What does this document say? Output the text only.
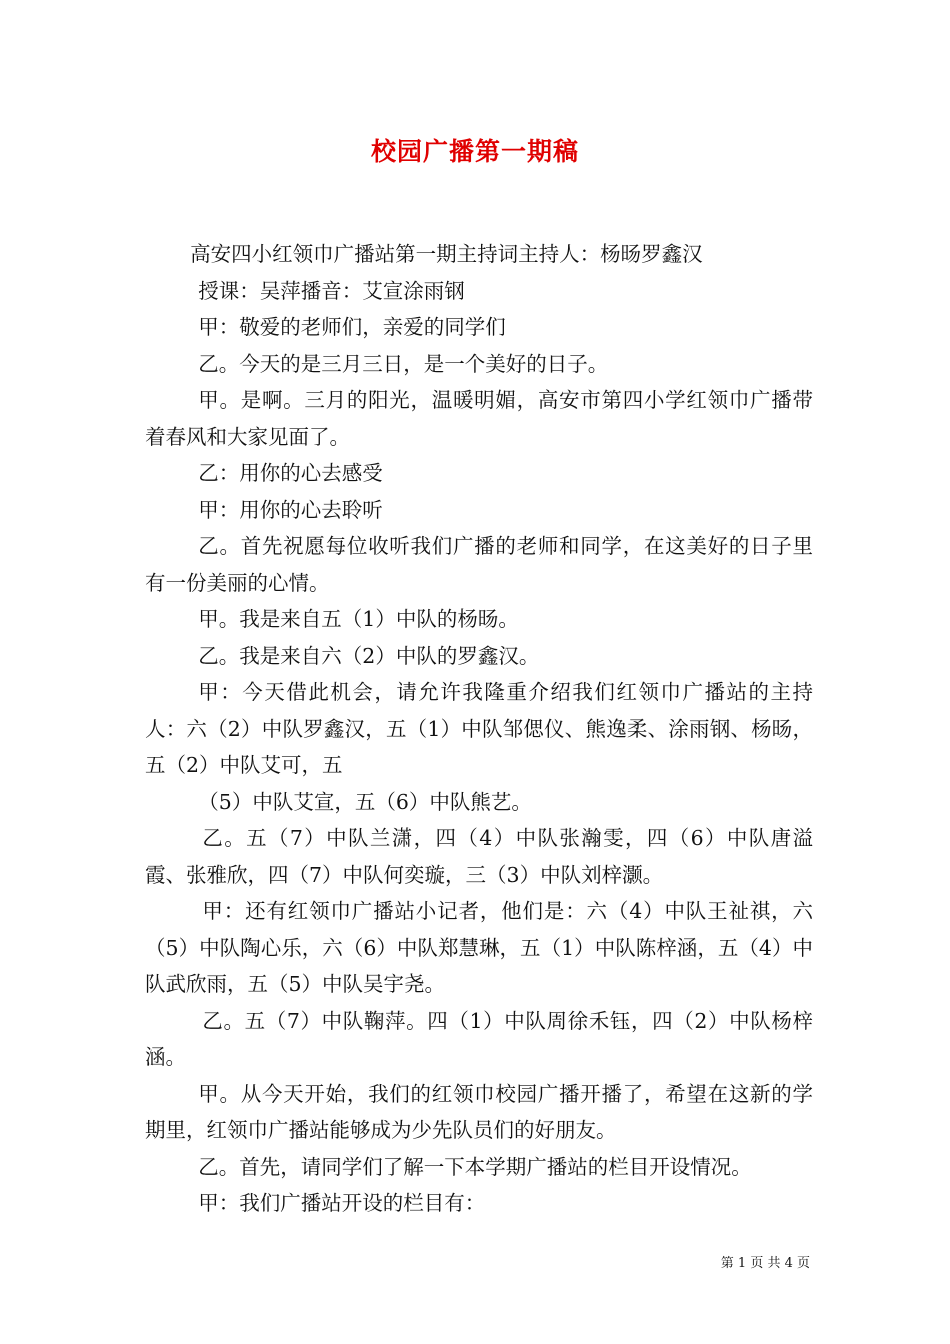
校园广播第一期稿

高安四小红领巾广播站第一期主持词主持人：杨旸罗鑫汉

授课：吴萍播音：艾宣涂雨钢

甲：敬爱的老师们，亲爱的同学们

乙。今天的是三月三日，是一个美好的日子。

甲。是啊。三月的阳光，温暖明媚，高安市第四小学红领巾广播带着春风和大家见面了。

乙：用你的心去感受

甲：用你的心去聆听

乙。首先祝愿每位收听我们广播的老师和同学，在这美好的日子里有一份美丽的心情。

甲。我是来自五（1）中队的杨旸。

乙。我是来自六（2）中队的罗鑫汉。

甲：今天借此机会，请允许我隆重介绍我们红领巾广播站的主持人：六（2）中队罗鑫汉，五（1）中队邹偲仪、熊逸柔、涂雨钢、杨旸，五（2）中队艾可，五

（5）中队艾宣，五（6）中队熊艺。

乙。五（7）中队兰潇，四（4）中队张瀚雯，四（6）中队唐溢霞、张雅欣，四（7）中队何奕璇，三（3）中队刘梓灏。

甲：还有红领巾广播站小记者，他们是：六（4）中队王祉祺，六（5）中队陶心乐，六（6）中队郑慧琳，五（1）中队陈梓涵，五（4）中队武欣雨，五（5）中队吴宇尧。

乙。五（7）中队鞠萍。四（1）中队周徐禾钰，四（2）中队杨梓涵。

甲。从今天开始，我们的红领巾校园广播开播了，希望在这新的学期里，红领巾广播站能够成为少先队员们的好朋友。

乙。首先，请同学们了解一下本学期广播站的栏目开设情况。

甲：我们广播站开设的栏目有：

第 1 页 共 4 页
